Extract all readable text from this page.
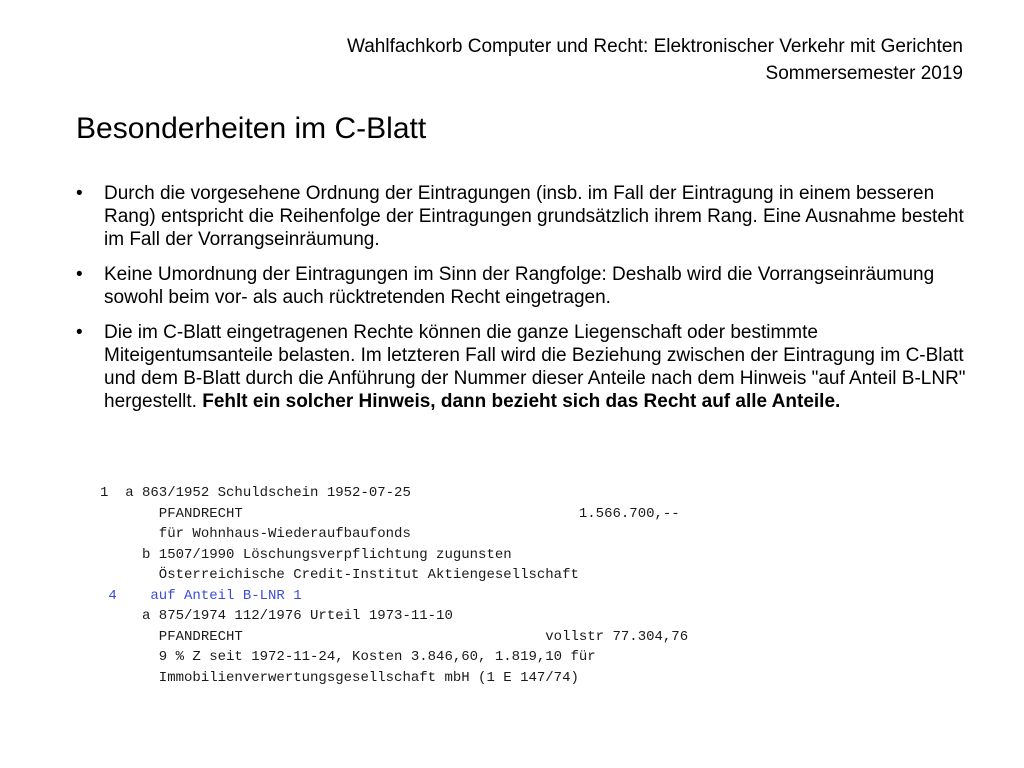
Wahlfachkorb Computer und Recht: Elektronischer Verkehr mit Gerichten
Sommersemester 2019
Besonderheiten im C-Blatt
• Durch die vorgesehene Ordnung der Eintragungen (insb. im Fall der Eintragung in einem besseren Rang) entspricht die Reihenfolge der Eintragungen grundsätzlich ihrem Rang. Eine Ausnahme besteht im Fall der Vorrangseinräumung.
• Keine Umordnung der Eintragungen im Sinn der Rangfolge: Deshalb wird die Vorrangseinräumung sowohl beim vor- als auch rücktretenden Recht eingetragen.
• Die im C-Blatt eingetragenen Rechte können die ganze Liegenschaft oder bestimmte Miteigentumsanteile belasten. Im letzteren Fall wird die Beziehung zwischen der Eintragung im C-Blatt und dem B-Blatt durch die Anführung der Nummer dieser Anteile nach dem Hinweis "auf Anteil B-LNR" hergestellt. Fehlt ein solcher Hinweis, dann bezieht sich das Recht auf alle Anteile.
1  a 863/1952 Schuldschein 1952-07-25
PFANDRECHT                                        1.566.700,--
für Wohnhaus-Wiederaufbaufonds
b 1507/1990 Löschungsverpflichtung zugunsten
Österreichische Credit-Institut Aktiengesellschaft
4    auf Anteil B-LNR 1
a 875/1974 112/1976 Urteil 1973-11-10
PFANDRECHT                                    vollstr 77.304,76
9 % Z seit 1972-11-24, Kosten 3.846,60, 1.819,10 für
Immobilienverwertungsgesellschaft mbH (1 E 147/74)
